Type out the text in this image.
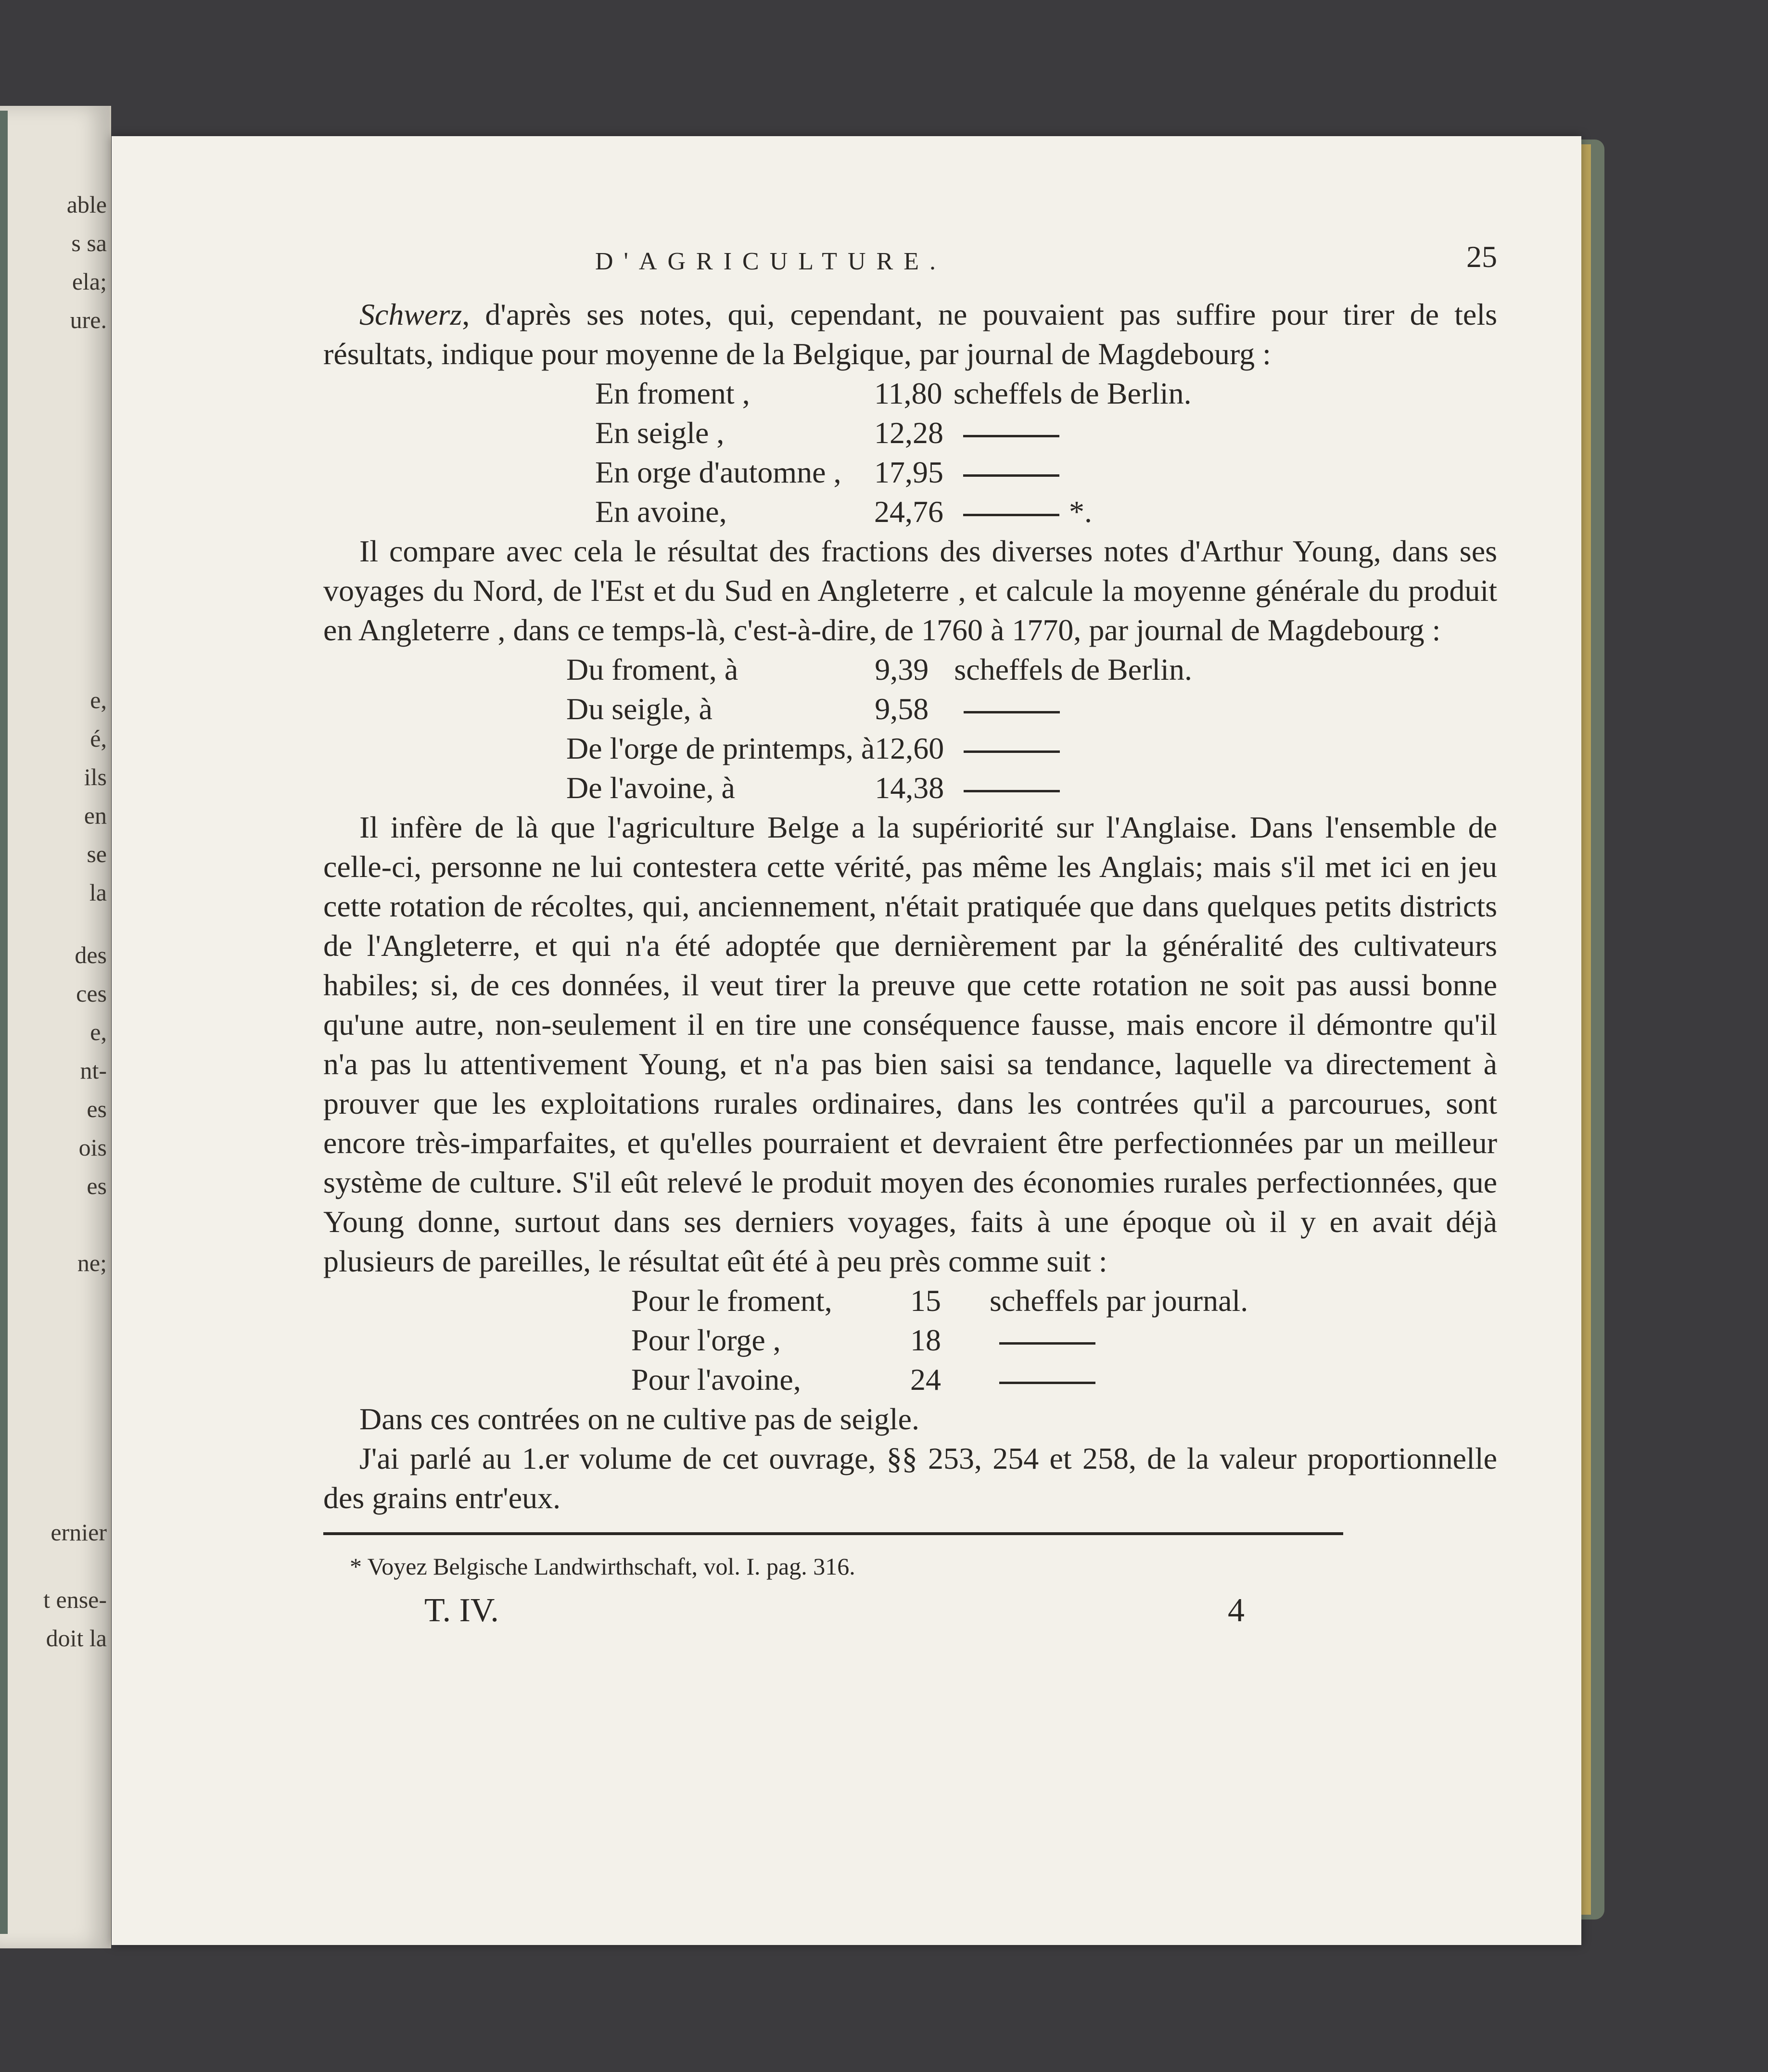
able
s sa
ela;
ure.
e,
é,
ils
en
se
la
des
ces
e,
nt-
es
ois
es
ne;
ernier
t ense-
doit la
D'AGRICULTURE.	25

Schwerz, d'après ses notes, qui, cependant, ne pouvaient pas suffire pour tirer de tels résultats, indique pour moyenne de la Belgique, par journal de Magdebourg :

En froment ,	11,80	scheffels de Berlin.
En seigle ,	12,28	
En orge d'automne ,	17,95	
En avoine,	24,76	*.

Il compare avec cela le résultat des fractions des diverses notes d'Arthur Young, dans ses voyages du Nord, de l'Est et du Sud en Angleterre , et calcule la moyenne générale du produit en Angleterre , dans ce temps-là, c'est-à-dire, de 1760 à 1770, par journal de Magdebourg :

Du froment, à	9,39	scheffels de Berlin.
Du seigle, à	9,58	
De l'orge de printemps, à	12,60	
De l'avoine, à	14,38	

Il infère de là que l'agriculture Belge a la supériorité sur l'Anglaise. Dans l'ensemble de celle-ci, personne ne lui contestera cette vérité, pas même les Anglais; mais s'il met ici en jeu cette rotation de récoltes, qui, anciennement, n'était pratiquée que dans quelques petits districts de l'Angleterre, et qui n'a été adoptée que dernièrement par la généralité des cultivateurs habiles; si, de ces données, il veut tirer la preuve que cette rotation ne soit pas aussi bonne qu'une autre, non-seulement il en tire une conséquence fausse, mais encore il démontre qu'il n'a pas lu attentivement Young, et n'a pas bien saisi sa tendance, laquelle va directement à prouver que les exploitations rurales ordinaires, dans les contrées qu'il a parcourues, sont encore très-imparfaites, et qu'elles pourraient et devraient être perfectionnées par un meilleur système de culture. S'il eût relevé le produit moyen des économies rurales perfectionnées, que Young donne, surtout dans ses derniers voyages, faits à une époque où il y en avait déjà plusieurs de pareilles, le résultat eût été à peu près comme suit :

Pour le froment,	15	scheffels par journal.
Pour l'orge ,	18	
Pour l'avoine,	24	

Dans ces contrées on ne cultive pas de seigle.

J'ai parlé au 1.er volume de cet ouvrage, §§ 253, 254 et 258, de la valeur proportionnelle des grains entr'eux.

* Voyez Belgische Landwirthschaft, vol. I. pag. 316.
T. IV.	4
